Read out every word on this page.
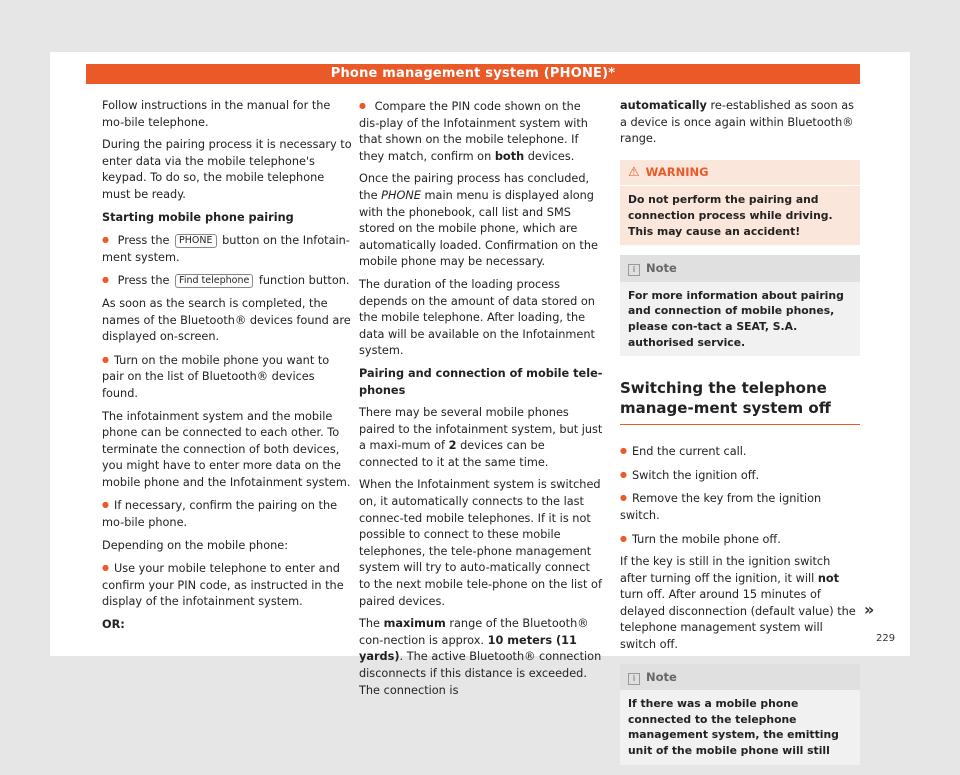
Phone management system (PHONE)*

Follow instructions in the manual for the mo-bile telephone.

During the pairing process it is necessary to enter data via the mobile telephone's keypad. To do so, the mobile telephone must be ready.

Starting mobile phone pairing

● Press the PHONE button on the Infotain-ment system.
● Press the Find telephone function button.

As soon as the search is completed, the names of the Bluetooth® devices found are displayed on-screen.

● Turn on the mobile phone you want to pair on the list of Bluetooth® devices found.

The infotainment system and the mobile phone can be connected to each other. To terminate the connection of both devices, you might have to enter more data on the mobile phone and the Infotainment system.

● If necessary, confirm the pairing on the mo-bile phone.

Depending on the mobile phone:

● Use your mobile telephone to enter and confirm your PIN code, as instructed in the display of the infotainment system.

OR:

● Compare the PIN code shown on the dis-play of the Infotainment system with that shown on the mobile telephone. If they match, confirm on both devices.

Once the pairing process has concluded, the PHONE main menu is displayed along with the phonebook, call list and SMS stored on the mobile phone, which are automatically loaded. Confirmation on the mobile phone may be necessary.

The duration of the loading process depends on the amount of data stored on the mobile telephone. After loading, the data will be available on the Infotainment system.

Pairing and connection of mobile tele-phones

There may be several mobile phones paired to the infotainment system, but just a maxi-mum of 2 devices can be connected to it at the same time.

When the Infotainment system is switched on, it automatically connects to the last connec-ted mobile telephones. If it is not possible to connect to these mobile telephones, the tele-phone management system will try to auto-matically connect to the next mobile tele-phone on the list of paired devices.

The maximum range of the Bluetooth® con-nection is approx. 10 meters (11 yards). The active Bluetooth® connection disconnects if this distance is exceeded. The connection is

automatically re-established as soon as a device is once again within Bluetooth® range.

⚠ WARNING
Do not perform the pairing and connection process while driving. This may cause an accident!
i Note
For more information about pairing and connection of mobile phones, please con-tact a SEAT, S.A. authorised service.
Switching the telephone manage-ment system off
● End the current call.
● Switch the ignition off.
● Remove the key from the ignition switch.
● Turn the mobile phone off.

If the key is still in the ignition switch after turning off the ignition, it will not turn off. After around 15 minutes of delayed disconnection (default value) the telephone management system will switch off.

i Note
If there was a mobile phone connected to the telephone management system, the emitting unit of the mobile phone will still
»
229
